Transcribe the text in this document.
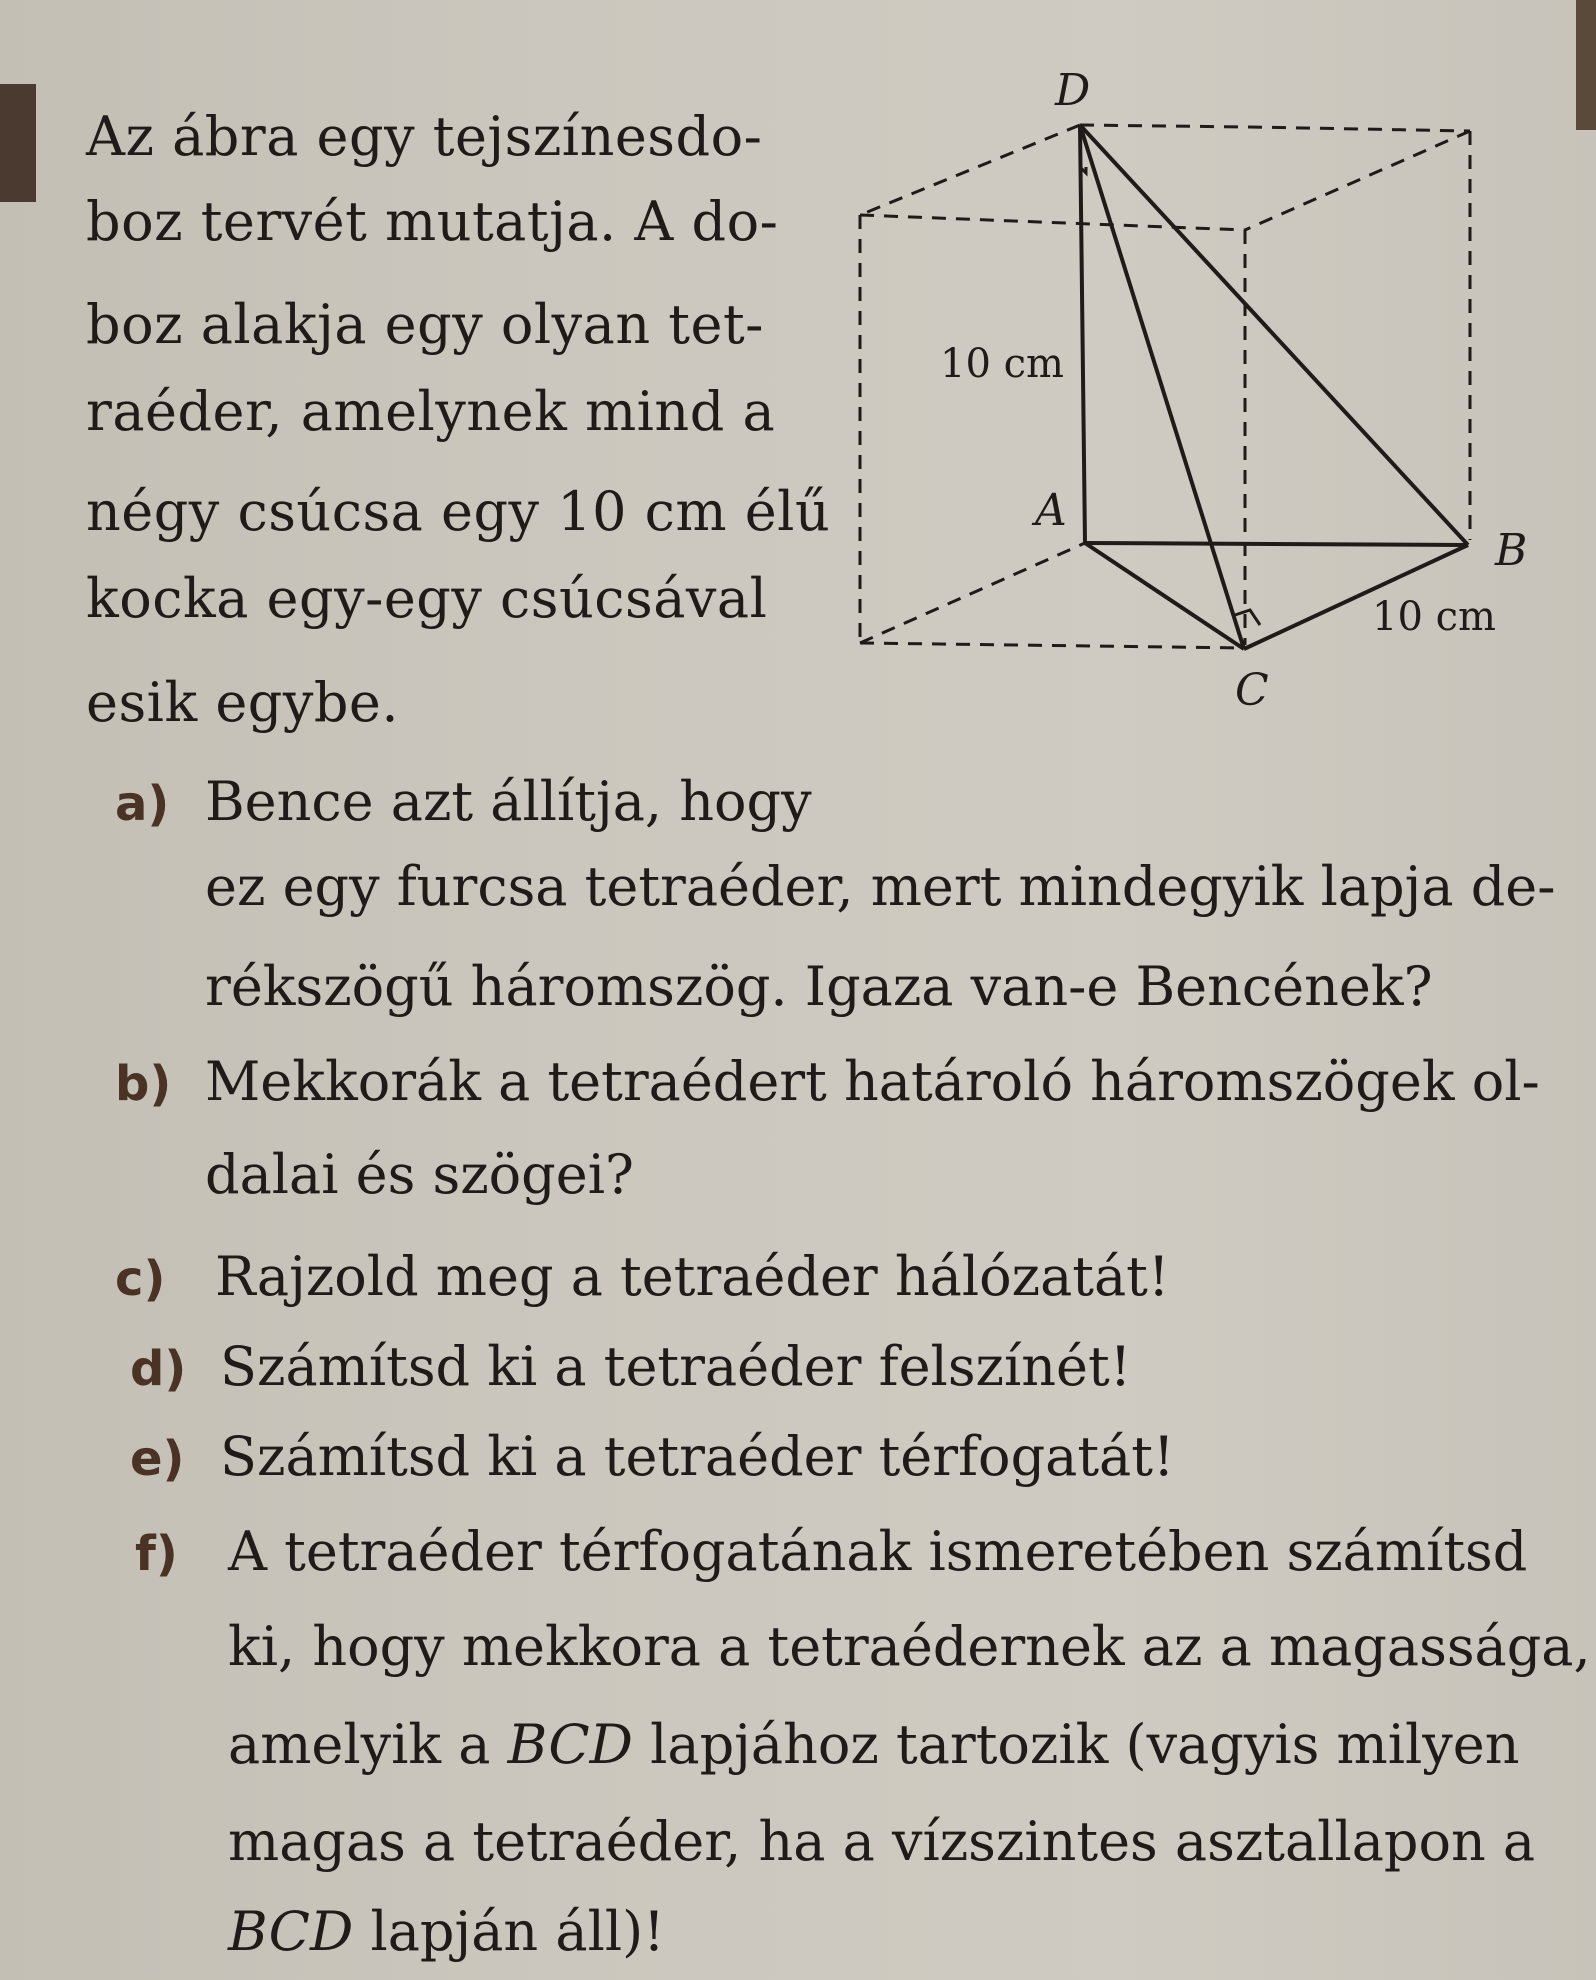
Az ábra egy tejszínesdo-
boz tervét mutatja. A do-
boz alakja egy olyan tet-
raéder, amelynek mind a
négy csúcsa egy 10 cm élű
kocka egy-egy csúcsával
esik egybe.
D
A
B
C
10 cm
10 cm
a) Bence azt állítja, hogy
ez egy furcsa tetraéder, mert mindegyik lapja de-
rékszögű háromszög. Igaza van-e Bencének?
b) Mekkorák a tetraédert határoló háromszögek ol-
dalai és szögei?
c) Rajzold meg a tetraéder hálózatát!
d) Számítsd ki a tetraéder felszínét!
e) Számítsd ki a tetraéder térfogatát!
f) A tetraéder térfogatának ismeretében számítsd
ki, hogy mekkora a tetraédernek az a magassága,
amelyik a BCD lapjához tartozik (vagyis milyen
magas a tetraéder, ha a vízszintes asztallapon a
BCD lapján áll)!
